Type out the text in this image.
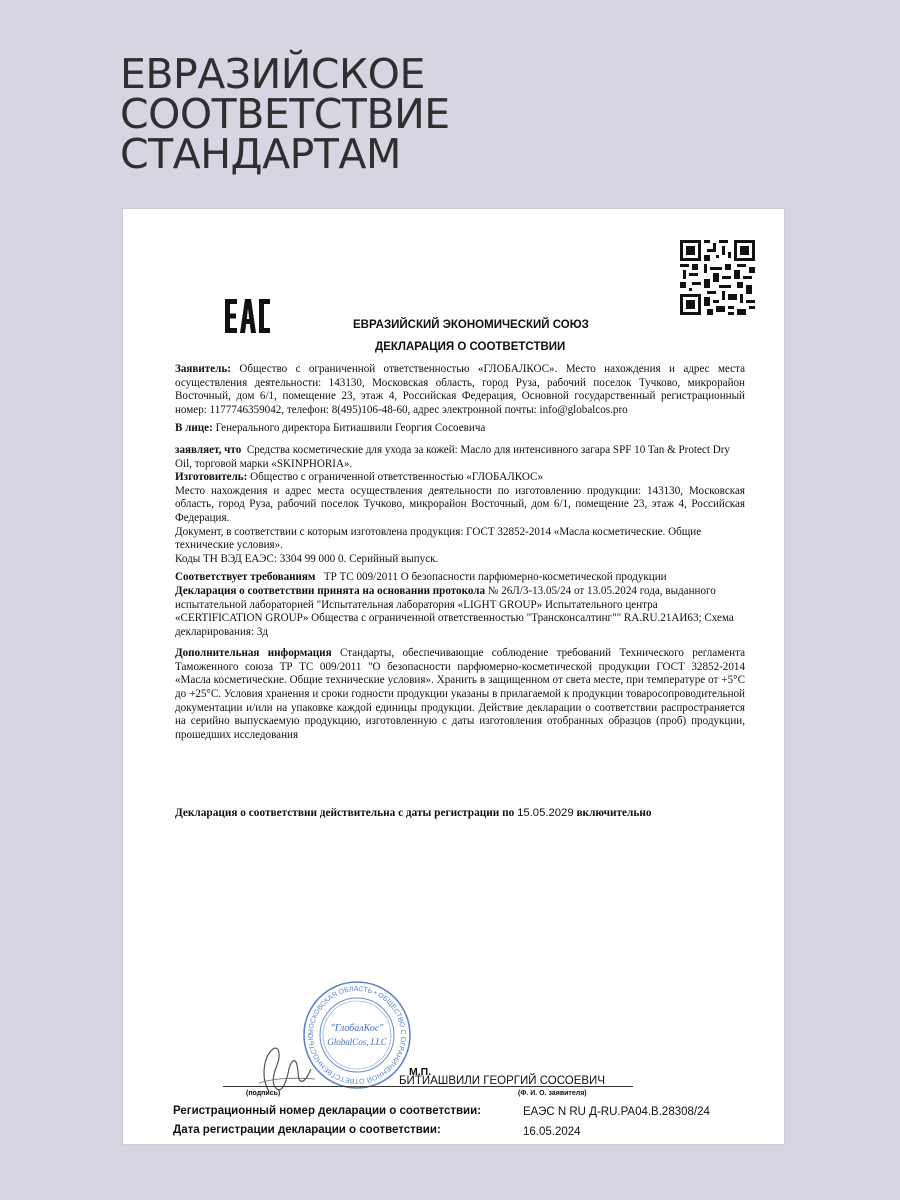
ЕВРАЗИЙСКОЕ
СООТВЕТСТВИЕ
СТАНДАРТАМ
ЕВРАЗИЙСКИЙ ЭКОНОМИЧЕСКИЙ СОЮЗ
ДЕКЛАРАЦИЯ О СООТВЕТСТВИИ

Заявитель: Общество с ограниченной ответственностью «ГЛОБАЛКОС». Место нахождения и адрес места осуществления деятельности: 143130, Московская область, город Руза, рабочий поселок Тучково, микрорайон Восточный, дом 6/1, помещение 23, этаж 4, Российская Федерация, Основной государственный регистрационный номер: 1177746359042, телефон: 8(495)106-48-60, адрес электронной почты: info@globalcos.pro

В лице: Генерального директора Битиашвили Георгия Сосоевича

заявляет, что Средства косметические для ухода за кожей: Масло для интенсивного загара SPF 10 Tan & Protect Dry Oil, торговой марки «SKINPHORIA».

Изготовитель: Общество с ограниченной ответственностью «ГЛОБАЛКОС»

Место нахождения и адрес места осуществления деятельности по изготовлению продукции: 143130, Московская область, город Руза, рабочий поселок Тучково, микрорайон Восточный, дом 6/1, помещение 23, этаж 4, Российская Федерация.

Документ, в соответствии с которым изготовлена продукция: ГОСТ 32852-2014 «Масла косметические. Общие технические условия».

Коды ТН ВЭД ЕАЭС: 3304 99 000 0. Серийный выпуск.

Соответствует требованиям ТР ТС 009/2011 О безопасности парфюмерно-косметической продукции

Декларация о соответствии принята на основании протокола № 26Л/3-13.05/24 от 13.05.2024 года, выданного испытательной лабораторией "Испытательная лаборатория «LIGHT GROUP» Испытательного центра «CERTIFICATION GROUP» Общества с ограниченной ответственностью "Трансконсалтинг"" RA.RU.21АИ63; Схема декларирования: 3д

Дополнительная информация Стандарты, обеспечивающие соблюдение требований Технического регламента Таможенного союза ТР ТС 009/2011 "О безопасности парфюмерно-косметической продукции ГОСТ 32852-2014 «Масла косметические. Общие технические условия». Хранить в защищенном от света месте, при температуре от +5°С до +25°С. Условия хранения и сроки годности продукции указаны в прилагаемой к продукции товаросопроводительной документации и/или на упаковке каждой единицы продукции. Действие декларации о соответствии распространяется на серийно выпускаемую продукцию, изготовленную с даты изготовления отобранных образцов (проб) продукции, прошедших исследования

Декларация о соответствии действительна с даты регистрации по 15.05.2029 включительно
МОСКОВСКАЯ ОБЛАСТЬ • ОБЩЕСТВО С ОГРАНИЧЕННОЙ ОТВЕТСТВЕННОСТЬЮ
"ГлобалКос"
GlobalCos, LLC
М.П.
БИТИАШВИЛИ ГЕОРГИЙ СОСОЕВИЧ
(подпись)	(Ф. И. О. заявителя)
Регистрационный номер декларации о соответствии:	ЕАЭС N RU Д-RU.PA04.B.28308/24
Дата регистрации декларации о соответствии:	16.05.2024
